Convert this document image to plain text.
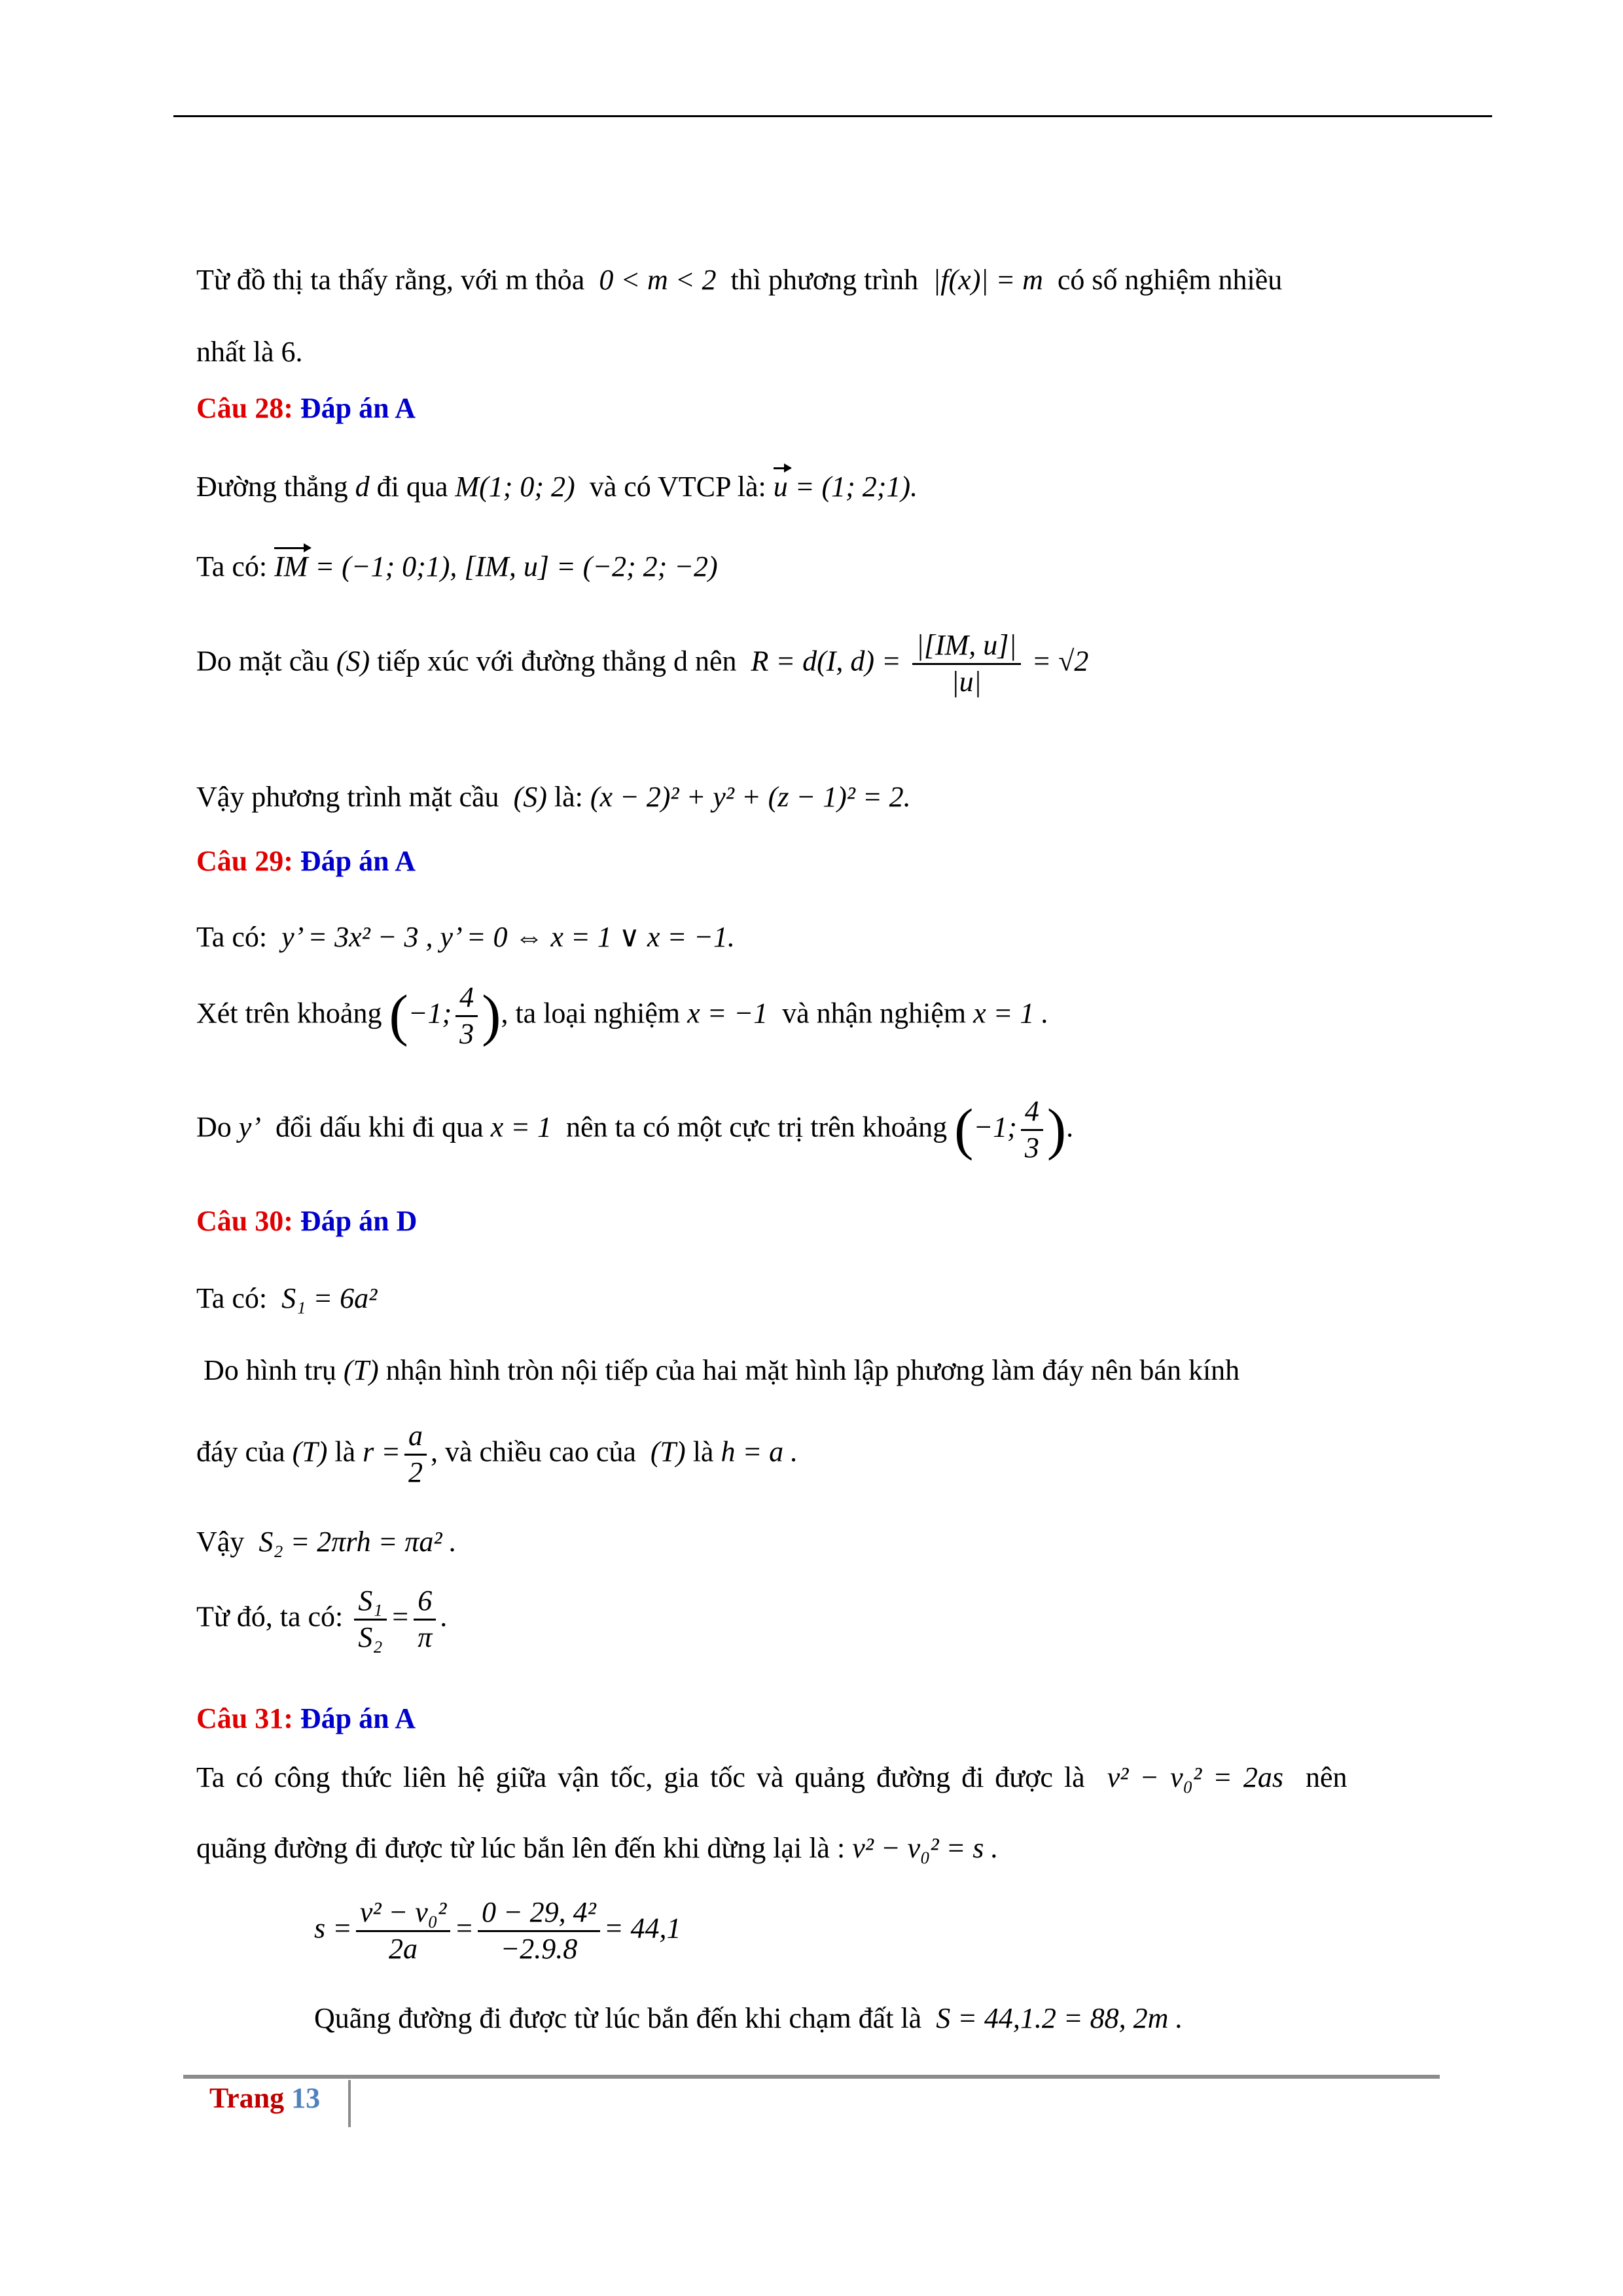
Từ đồ thị ta thấy rằng, với m thỏa 0 < m < 2 thì phương trình |f(x)| = m có số nghiệm nhiều
nhất là 6.
Câu 28: Đáp án A
Đường thẳng d đi qua M(1; 0; 2) và có VTCP là: u = (1; 2;1).
Ta có: IM = (−1; 0;1), [IM, u] = (−2; 2; −2)
Do mặt cầu (S) tiếp xúc với đường thẳng d nên R = d(I, $d) = \frac{|[IM, u]|}{|u|} = √2$
Vậy phương trình mặt cầu (S) là: (x − 2)² + y² + (z − 1)² = 2.
Câu 29: Đáp án A
Ta có: y’ = 3x² − 3 , y’ = 0 ⇔ x = 1 ∨ x = −1.
Xét trên khoảng (−1; $\frac{4}{3}$ ), ta loại nghiệm x = −1 và nhận nghiệm x = 1 .
Do y’ đổi dấu khi đi qua x = 1 nên ta có một cực trị trên khoảng (−1; $\frac{4}{3}$ ).
Câu 30: Đáp án D
Ta có: S₁ = 6a²
Do hình trụ (T) nhận hình tròn nội tiếp của hai mặt hình lập phương làm đáy nên bán kính
đáy của (T) là $r = \frac{a}{2}$ , và chiều cao của (T) là h = a .
Vậy S₂ = 2πrh = πa² .
Từ đó, ta có: $\frac{\text{S₁}}{\text{S₂}} = \frac{6}{\pi}$ .
Câu 31: Đáp án A
Ta có công thức liên hệ giữa vận tốc, gia tốc và quảng đường đi được là v² − v₀² = 2as nên
quãng đường đi được từ lúc bắn lên đến khi dừng lại là : v² − v₀² = s .
$s = \frac{\text{v² − v₀²}}{2a} = \frac{\text{0 − 29, 4²}}{-2.9.8} = 44,1$
Quãng đường đi được từ lúc bắn đến khi chạm đất là S = 44,1.2 = 88, 2m .
Trang 13
